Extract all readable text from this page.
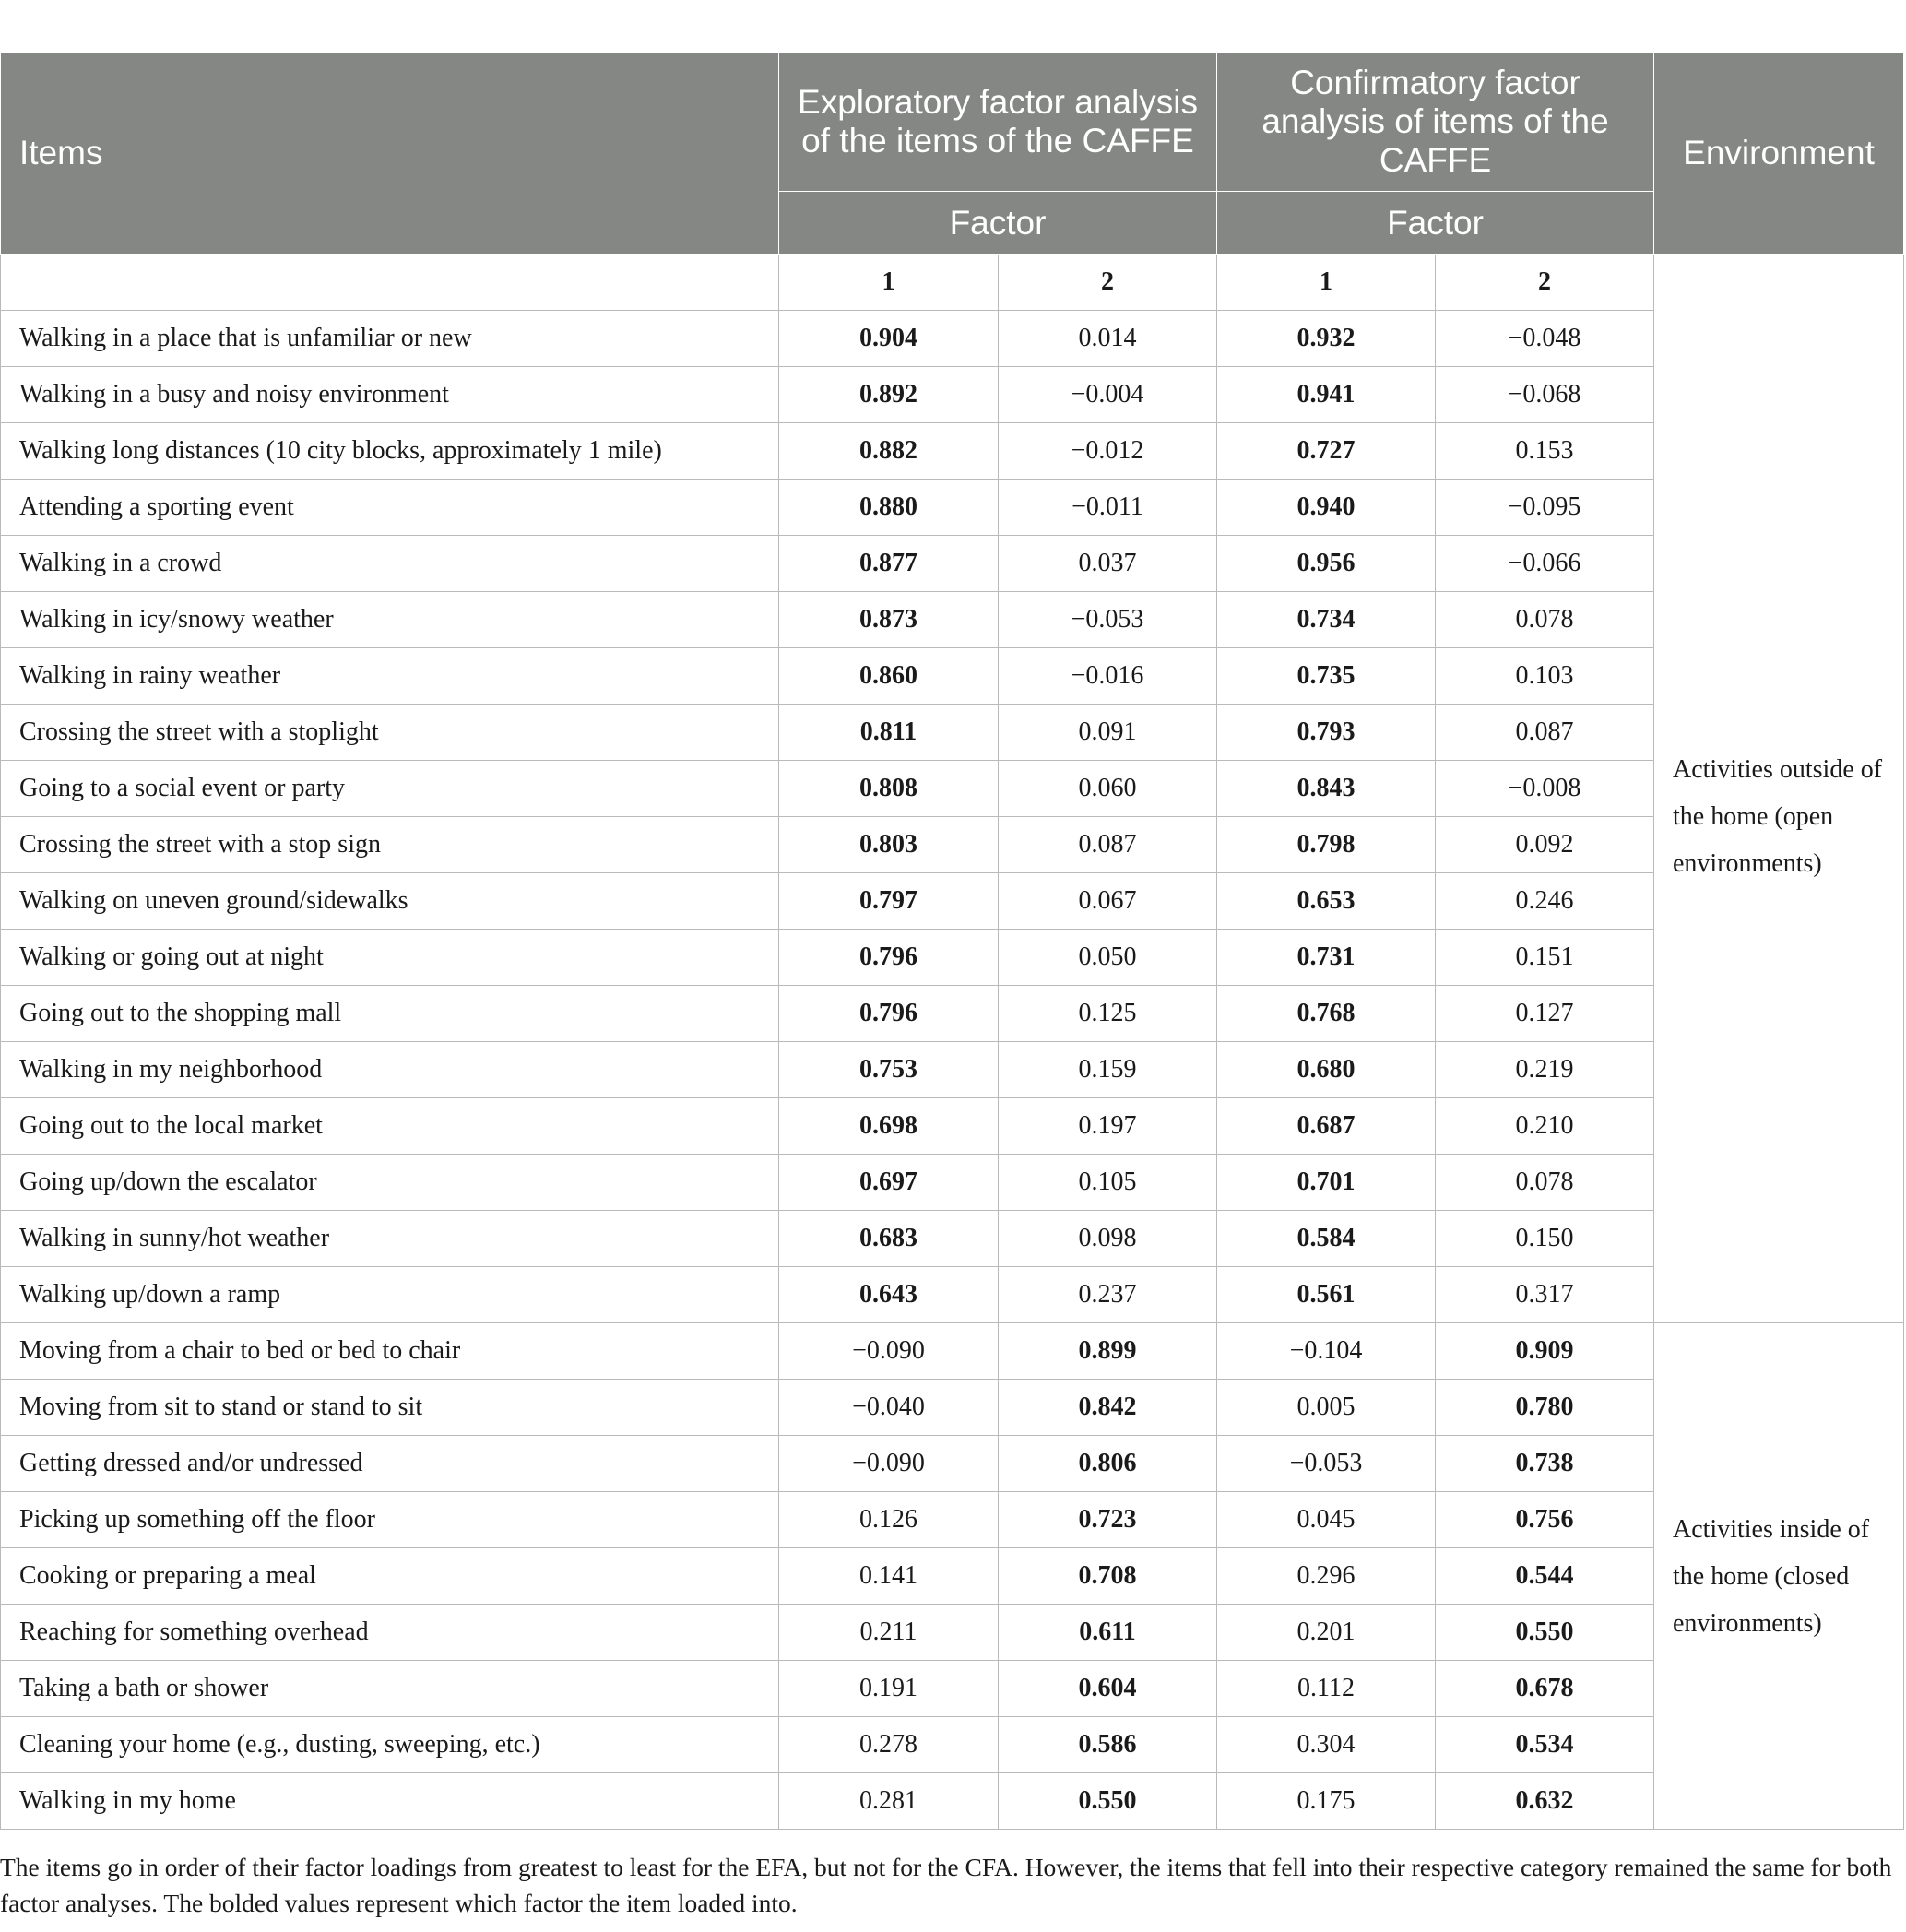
Items	Exploratory factor analysis of the items of the CAFFE		Confirmatory factor analysis of items of the CAFFE		Environment
	Factor		Factor		
	1	2	1	2	
Walking in a place that is unfamiliar or new	0.904	0.014	0.932	−0.048	Activities outside of the home (open environments)
Walking in a busy and noisy environment	0.892	−0.004	0.941	−0.068	
Walking long distances (10 city blocks, approximately 1 mile)	0.882	−0.012	0.727	0.153	
Attending a sporting event	0.880	−0.011	0.940	−0.095	
Walking in a crowd	0.877	0.037	0.956	−0.066	
Walking in icy/snowy weather	0.873	−0.053	0.734	0.078	
Walking in rainy weather	0.860	−0.016	0.735	0.103	
Crossing the street with a stoplight	0.811	0.091	0.793	0.087	
Going to a social event or party	0.808	0.060	0.843	−0.008	
Crossing the street with a stop sign	0.803	0.087	0.798	0.092	
Walking on uneven ground/sidewalks	0.797	0.067	0.653	0.246	
Walking or going out at night	0.796	0.050	0.731	0.151	
Going out to the shopping mall	0.796	0.125	0.768	0.127	
Walking in my neighborhood	0.753	0.159	0.680	0.219	
Going out to the local market	0.698	0.197	0.687	0.210	
Going up/down the escalator	0.697	0.105	0.701	0.078	
Walking in sunny/hot weather	0.683	0.098	0.584	0.150	
Walking up/down a ramp	0.643	0.237	0.561	0.317	
Moving from a chair to bed or bed to chair	−0.090	0.899	−0.104	0.909	Activities inside of the home (closed environments)
Moving from sit to stand or stand to sit	−0.040	0.842	0.005	0.780	
Getting dressed and/or undressed	−0.090	0.806	−0.053	0.738	
Picking up something off the floor	0.126	0.723	0.045	0.756	
Cooking or preparing a meal	0.141	0.708	0.296	0.544	
Reaching for something overhead	0.211	0.611	0.201	0.550	
Taking a bath or shower	0.191	0.604	0.112	0.678	
Cleaning your home (e.g., dusting, sweeping, etc.)	0.278	0.586	0.304	0.534	
Walking in my home	0.281	0.550	0.175	0.632	
The items go in order of their factor loadings from greatest to least for the EFA, but not for the CFA. However, the items that fell into their respective category remained the same for both factor analyses. The bolded values represent which factor the item loaded into.
